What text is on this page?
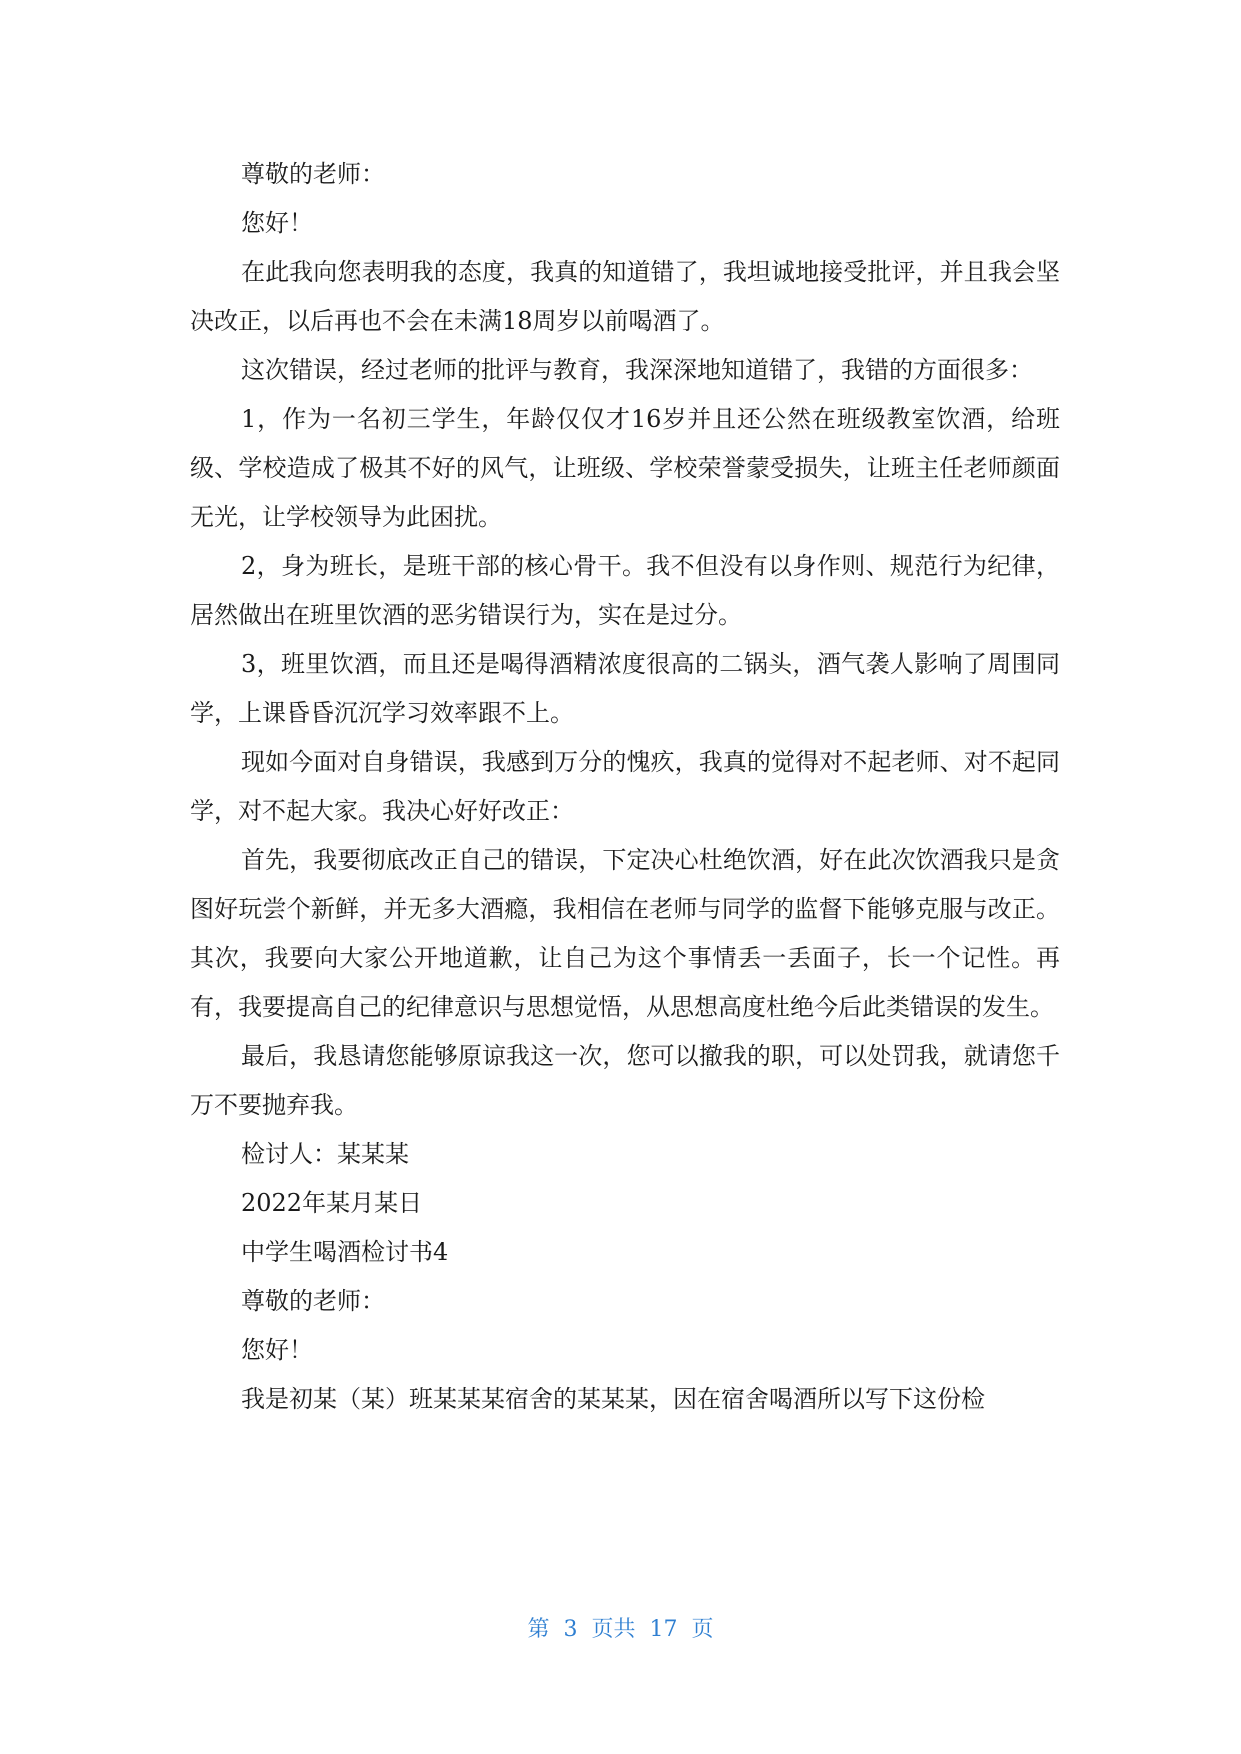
尊敬的老师：

您好！

在此我向您表明我的态度，我真的知道错了，我坦诚地接受批评，并且我会坚决改正，以后再也不会在未满18周岁以前喝酒了。

这次错误，经过老师的批评与教育，我深深地知道错了，我错的方面很多：

1，作为一名初三学生，年龄仅仅才16岁并且还公然在班级教室饮酒，给班级、学校造成了极其不好的风气，让班级、学校荣誉蒙受损失，让班主任老师颜面无光，让学校领导为此困扰。

2，身为班长，是班干部的核心骨干。我不但没有以身作则、规范行为纪律，居然做出在班里饮酒的恶劣错误行为，实在是过分。

3，班里饮酒，而且还是喝得酒精浓度很高的二锅头，酒气袭人影响了周围同学，上课昏昏沉沉学习效率跟不上。

现如今面对自身错误，我感到万分的愧疚，我真的觉得对不起老师、对不起同学，对不起大家。我决心好好改正：

首先，我要彻底改正自己的错误，下定决心杜绝饮酒，好在此次饮酒我只是贪图好玩尝个新鲜，并无多大酒瘾，我相信在老师与同学的监督下能够克服与改正。其次，我要向大家公开地道歉，让自己为这个事情丢一丢面子，长一个记性。再有，我要提高自己的纪律意识与思想觉悟，从思想高度杜绝今后此类错误的发生。

最后，我恳请您能够原谅我这一次，您可以撤我的职，可以处罚我，就请您千万不要抛弃我。

检讨人：某某某

2022年某月某日

中学生喝酒检讨书4

尊敬的老师：

您好！

我是初某（某）班某某某宿舍的某某某，因在宿舍喝酒所以写下这份检

第 3 页共 17 页
